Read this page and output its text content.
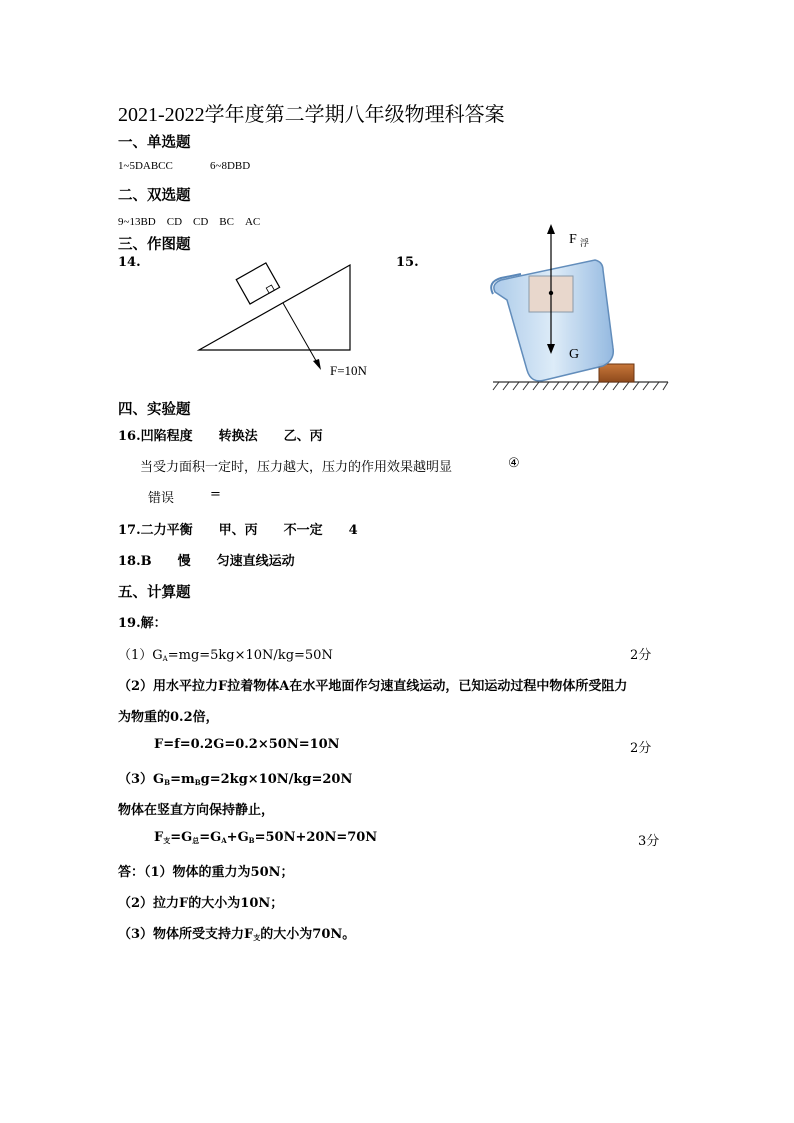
2021-2022学年度第二学期八年级物理科答案
一、单选题
1~5DABCC	6~8DBD
二、双选题
9~13BD　CD　CD　BC　AC
三、作图题
14.	15.
F=10N
F 浮
G
四、实验题
16.凹陷程度　　转换法　　乙、丙
当受力面积一定时，压力越大，压力的作用效果越明显	④
错误	=
17.二力平衡　　甲、丙　　不一定　　4
18.B　　慢　　匀速直线运动
五、计算题
19.解：
$(1)G_A=mg=5kg\times 10N/kg=50N$	2分
（2）用水平拉力F拉着物体A在水平地面作匀速直线运动，已知运动过程中物体所受阻力
为物重的0.2倍，
F=f=0.2G=0.2×50N=10N	2分
$(3)G_B=m_Bg=2kg\times 10N/kg=20N$
物体在竖直方向保持静止，
$F_支=G_总=G_A+G_B=50N+20N=70N$	3分
答：（1）物体的重力为50N；
（2）拉力F的大小为10N；
（3）物体所受支持力$F_支$的大小为70N。
